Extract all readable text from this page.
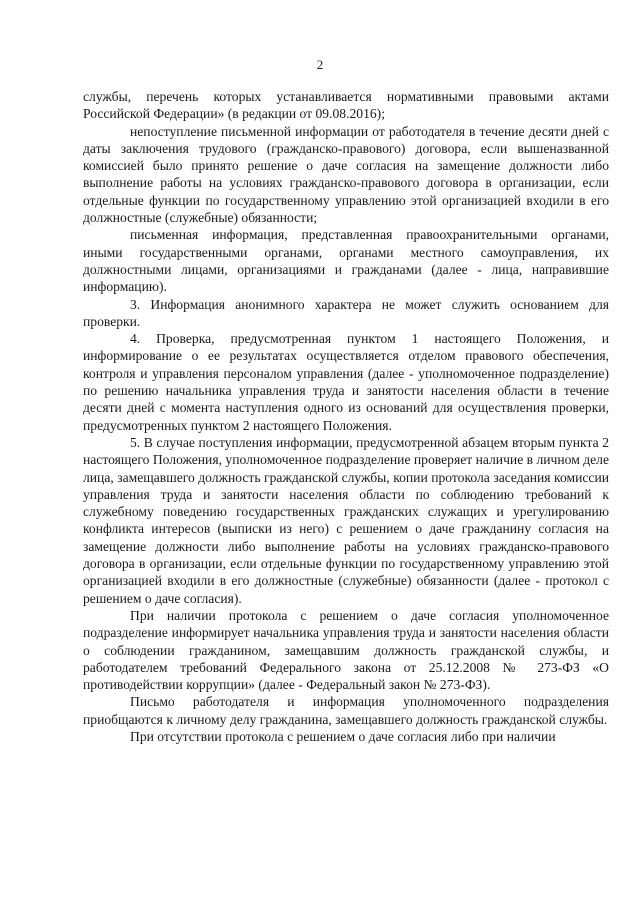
2

службы, перечень которых устанавливается нормативными правовыми актами Российской Федерации» (в редакции от 09.08.2016);

непоступление письменной информации от работодателя в течение десяти дней с даты заключения трудового (гражданско-правового) договора, если вышеназванной комиссией было принято решение о даче согласия на замещение должности либо выполнение работы на условиях гражданско-правового договора в организации, если отдельные функции по государственному управлению этой организацией входили в его должностные (служебные) обязанности;

письменная информация, представленная правоохранительными органами, иными государственными органами, органами местного самоуправления, их должностными лицами, организациями и гражданами (далее - лица, направившие информацию).

3. Информация анонимного характера не может служить основанием для проверки.

4. Проверка, предусмотренная пунктом 1 настоящего Положения, и информирование о ее результатах осуществляется отделом правового обеспечения, контроля и управления персоналом управления (далее - уполномоченное подразделение) по решению начальника управления труда и занятости населения области в течение десяти дней с момента наступления одного из оснований для осуществления проверки, предусмотренных пунктом 2 настоящего Положения.

5. В случае поступления информации, предусмотренной абзацем вторым пункта 2 настоящего Положения, уполномоченное подразделение проверяет наличие в личном деле лица, замещавшего должность гражданской службы, копии протокола заседания комиссии управления труда и занятости населения области по соблюдению требований к служебному поведению государственных гражданских служащих и урегулированию конфликта интересов (выписки из него) с решением о даче гражданину согласия на замещение должности либо выполнение работы на условиях гражданско-правового договора в организации, если отдельные функции по государственному управлению этой организацией входили в его должностные (служебные) обязанности (далее - протокол с решением о даче согласия).

При наличии протокола с решением о даче согласия уполномоченное подразделение информирует начальника управления труда и занятости населения области о соблюдении гражданином, замещавшим должность гражданской службы, и работодателем требований Федерального закона от 25.12.2008 № 273-ФЗ «О противодействии коррупции» (далее - Федеральный закон № 273-ФЗ).

Письмо работодателя и информация уполномоченного подразделения приобщаются к личному делу гражданина, замещавшего должность гражданской службы.

При отсутствии протокола с решением о даче согласия либо при наличии
